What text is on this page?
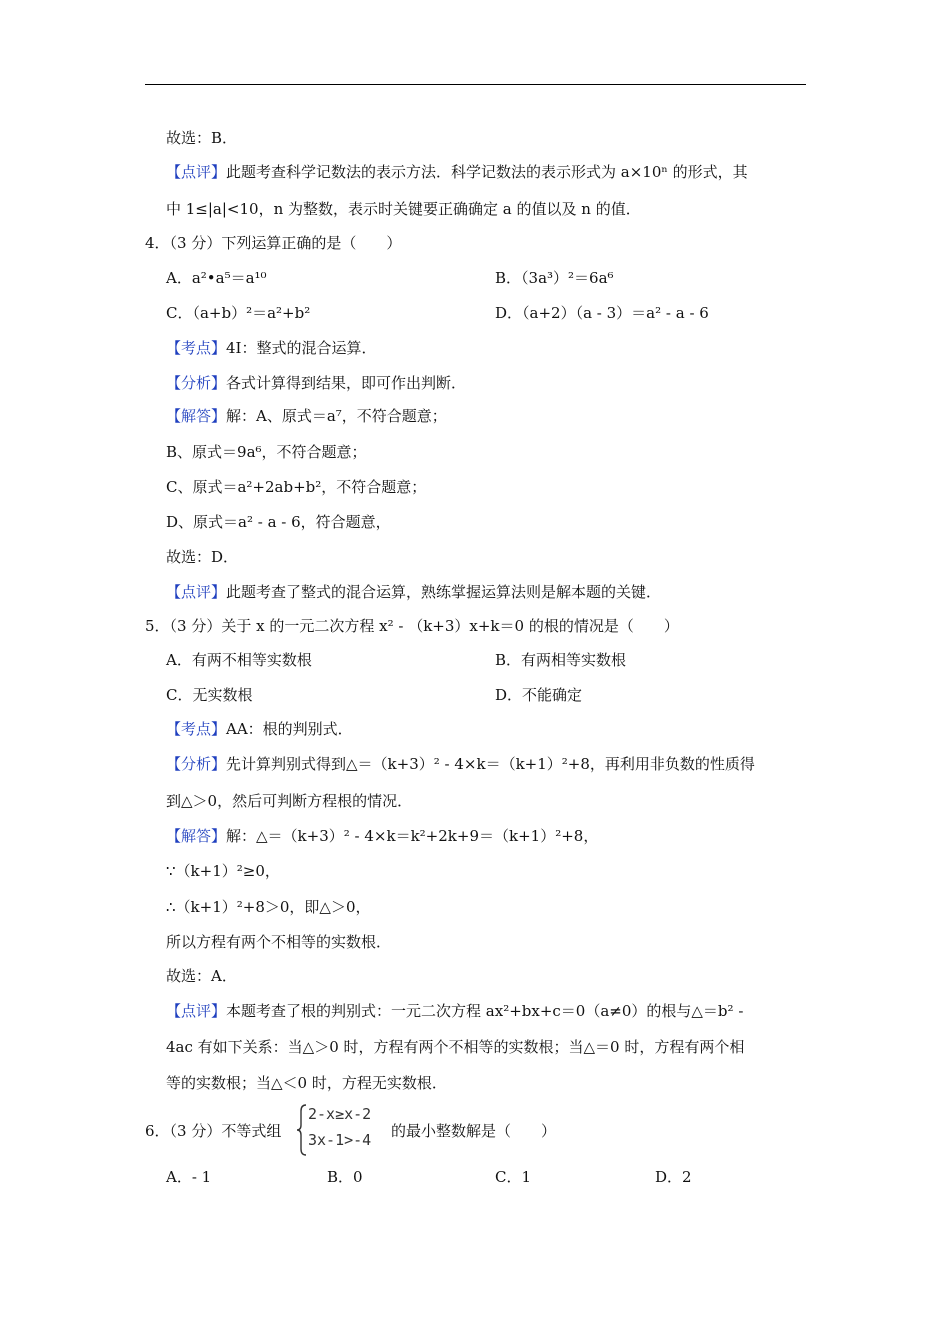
故选：B．
【点评】此题考查科学记数法的表示方法．科学记数法的表示形式为 a×10ⁿ 的形式，其
中 1≤|a|<10，n 为整数，表示时关键要正确确定 a 的值以及 n 的值．
4．（3 分）下列运算正确的是（　　）
A．a²•a⁵＝a¹⁰	B．（3a³）²＝6a⁶
C．（a+b）²＝a²+b²	D．（a+2）（a - 3）＝a² - a - 6
【考点】4I：整式的混合运算．
【分析】各式计算得到结果，即可作出判断．
【解答】解：A、原式＝a⁷，不符合题意；
B、原式＝9a⁶，不符合题意；
C、原式＝a²+2ab+b²，不符合题意；
D、原式＝a² - a - 6，符合题意，
故选：D．
【点评】此题考查了整式的混合运算，熟练掌握运算法则是解本题的关键．
5．（3 分）关于 x 的一元二次方程 x² - （k+3）x+k＝0 的根的情况是（　　）
A．有两不相等实数根	B．有两相等实数根
C．无实数根	D．不能确定
【考点】AA：根的判别式．
【分析】先计算判别式得到△＝（k+3）² - 4×k＝（k+1）²+8，再利用非负数的性质得
到△＞0，然后可判断方程根的情况．
【解答】解：△＝（k+3）² - 4×k＝k²+2k+9＝（k+1）²+8，
∵（k+1）²≥0，
∴（k+1）²+8＞0，即△＞0，
所以方程有两个不相等的实数根．
故选：A．
【点评】本题考查了根的判别式：一元二次方程 ax²+bx+c＝0（a≠0）的根与△＝b² -
4ac 有如下关系：当△＞0 时，方程有两个不相等的实数根；当△＝0 时，方程有两个相
等的实数根；当△＜0 时，方程无实数根．
6．（3 分）不等式组
2-x≥x-2
3x-1>-4 的最小整数解是（　　）
A．- 1	B．0	C．1	D．2
